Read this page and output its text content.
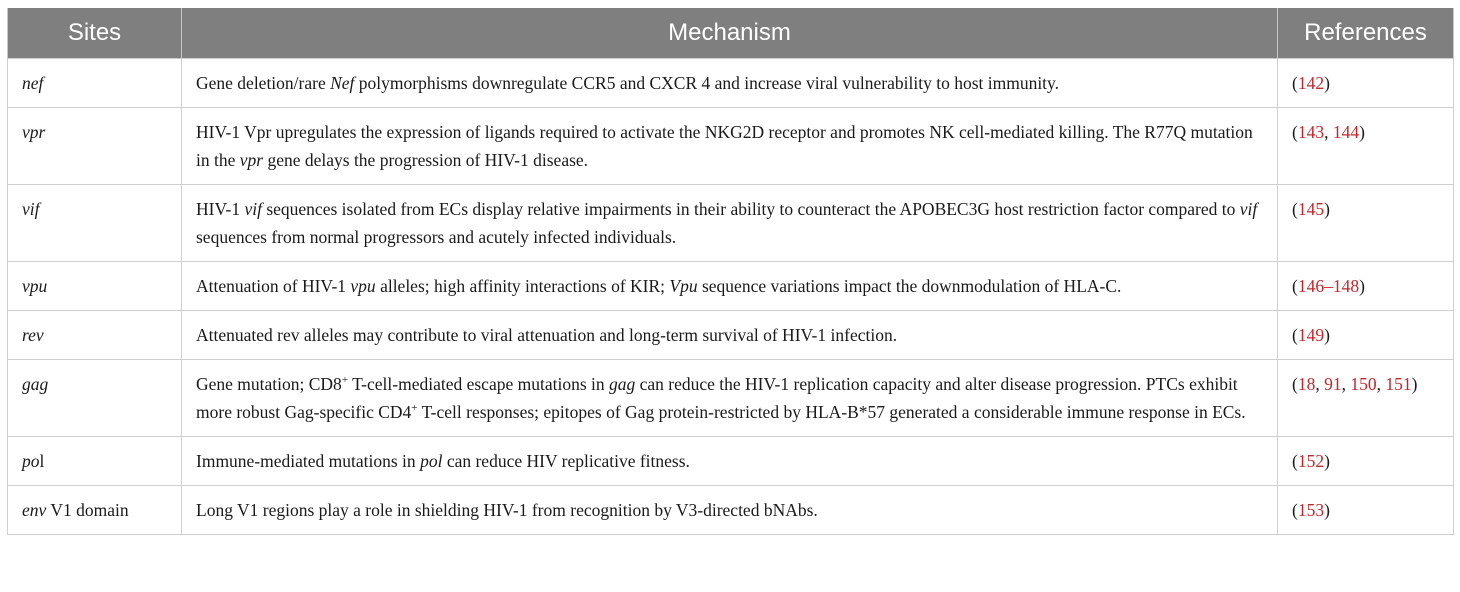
Sites	Mechanism	References
nef	Gene deletion/rare Nef polymorphisms downregulate CCR5 and CXCR 4 and increase viral vulnerability to host immunity.	(142)
vpr	HIV-1 Vpr upregulates the expression of ligands required to activate the NKG2D receptor and promotes NK cell-mediated killing. The R77Q mutation in the vpr gene delays the progression of HIV-1 disease.	(143, 144)
vif	HIV-1 vif sequences isolated from ECs display relative impairments in their ability to counteract the APOBEC3G host restriction factor compared to vif sequences from normal progressors and acutely infected individuals.	(145)
vpu	Attenuation of HIV-1 vpu alleles; high affinity interactions of KIR; Vpu sequence variations impact the downmodulation of HLA-C.	(146–148)
rev	Attenuated rev alleles may contribute to viral attenuation and long-term survival of HIV-1 infection.	(149)
gag	Gene mutation; CD8+ T-cell-mediated escape mutations in gag can reduce the HIV-1 replication capacity and alter disease progression. PTCs exhibit more robust Gag-specific CD4+ T-cell responses; epitopes of Gag protein-restricted by HLA-B*57 generated a considerable immune response in ECs.	(18, 91, 150, 151)
pol	Immune-mediated mutations in pol can reduce HIV replicative fitness.	(152)
env V1 domain	Long V1 regions play a role in shielding HIV-1 from recognition by V3-directed bNAbs.	(153)
